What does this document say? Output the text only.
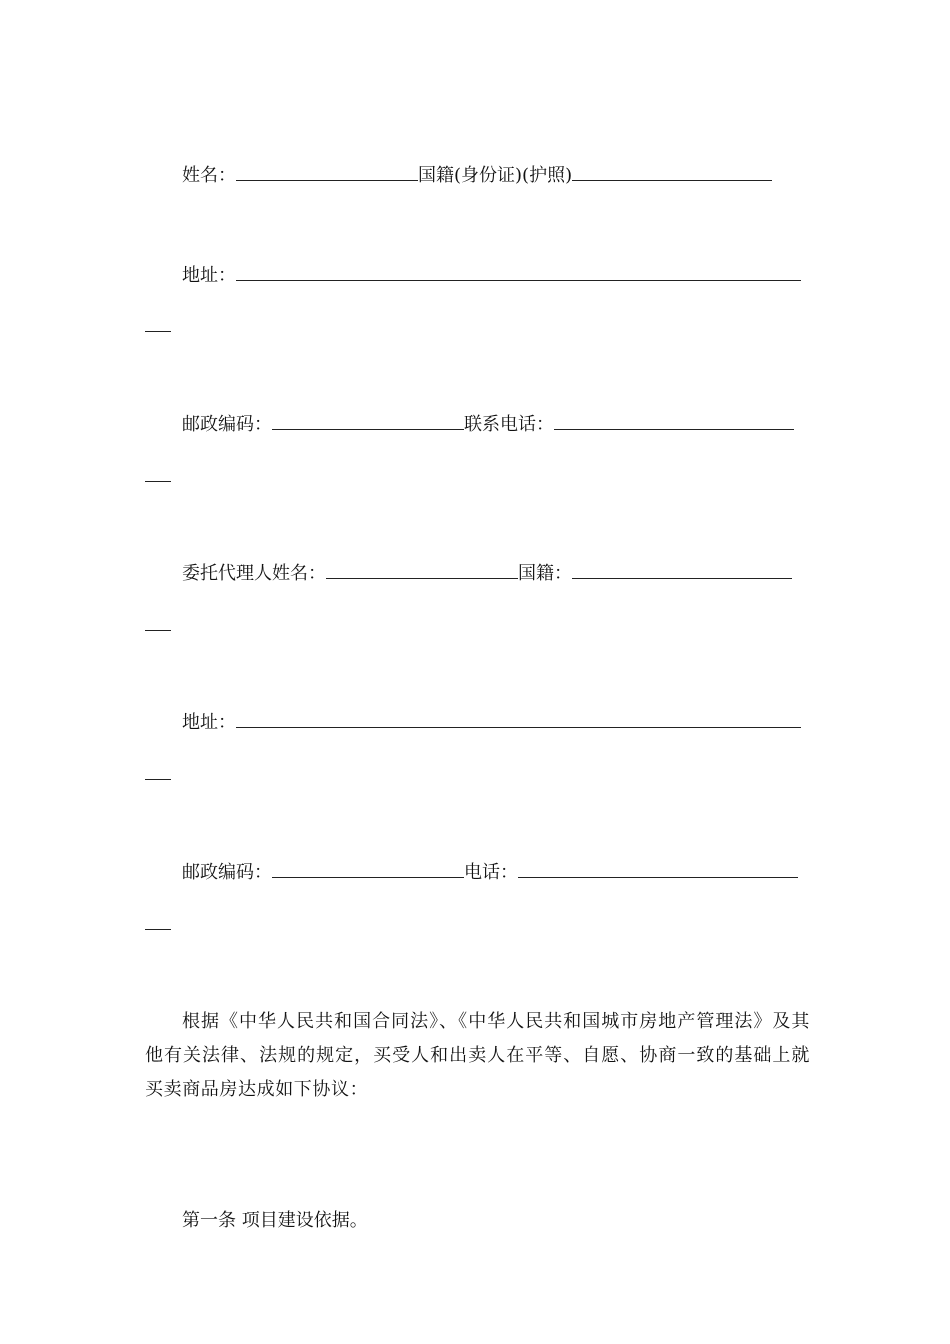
姓名：	国籍(身份证)(护照)
地址：
邮政编码：	联系电话：
委托代理人姓名：	国籍：
地址：
邮政编码：	电话：
根据《中华人民共和国合同法》、《中华人民共和国城市房地产管理法》及其他有关法律、法规的规定，买受人和出卖人在平等、自愿、协商一致的基础上就买卖商品房达成如下协议：
第一条 项目建设依据。
